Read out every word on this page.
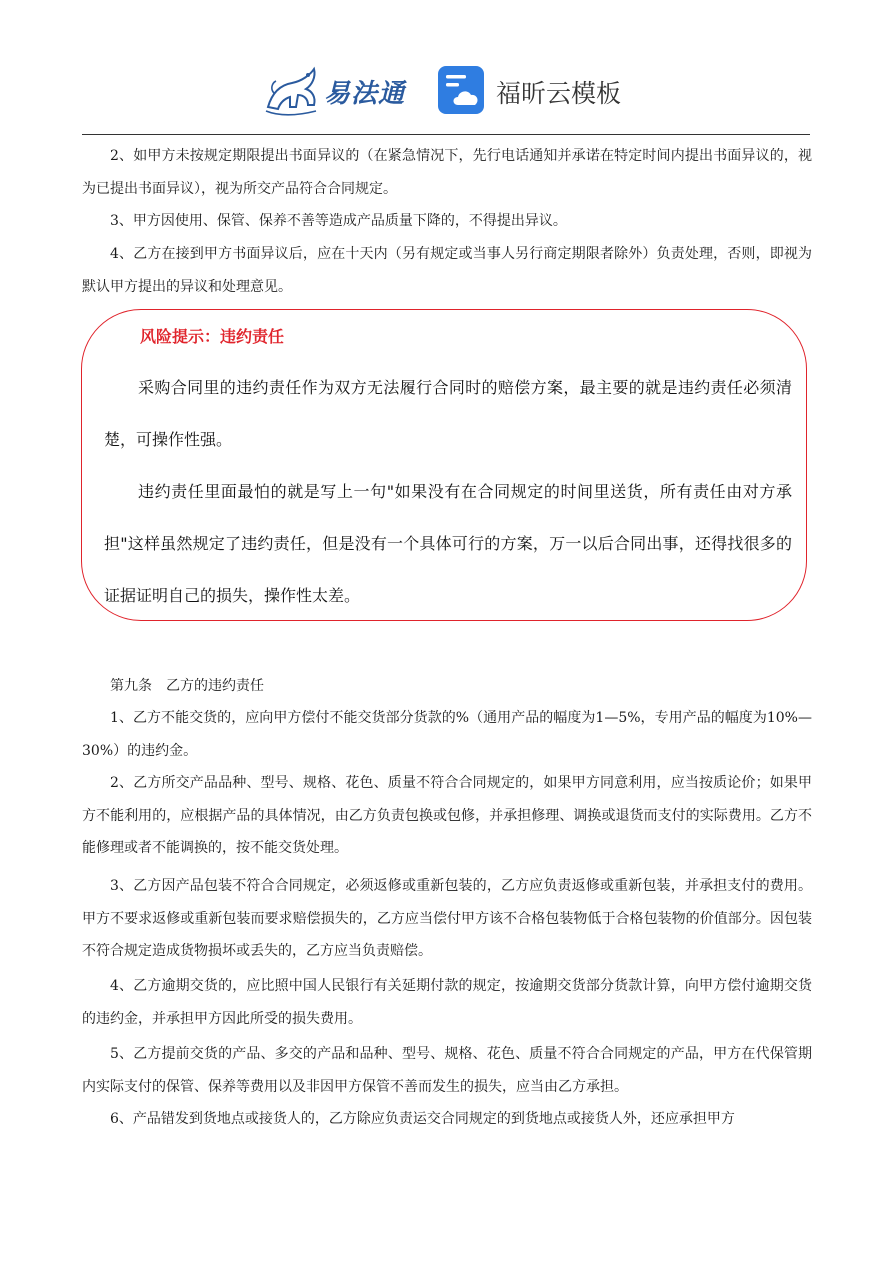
易法通	福昕云模板

2、如甲方未按规定期限提出书面异议的（在紧急情况下，先行电话通知并承诺在特定时间内提出书面异议的，视为已提出书面异议），视为所交产品符合合同规定。

3、甲方因使用、保管、保养不善等造成产品质量下降的，不得提出异议。

4、乙方在接到甲方书面异议后，应在十天内（另有规定或当事人另行商定期限者除外）负责处理，否则，即视为默认甲方提出的异议和处理意见。

风险提示：违约责任

采购合同里的违约责任作为双方无法履行合同时的赔偿方案，最主要的就是违约责任必须清楚，可操作性强。

违约责任里面最怕的就是写上一句"如果没有在合同规定的时间里送货，所有责任由对方承担"这样虽然规定了违约责任，但是没有一个具体可行的方案，万一以后合同出事，还得找很多的证据证明自己的损失，操作性太差。

第九条　乙方的违约责任

1、乙方不能交货的，应向甲方偿付不能交货部分货款的%（通用产品的幅度为1—5%，专用产品的幅度为10%—30%）的违约金。

2、乙方所交产品品种、型号、规格、花色、质量不符合合同规定的，如果甲方同意利用，应当按质论价；如果甲方不能利用的，应根据产品的具体情况，由乙方负责包换或包修，并承担修理、调换或退货而支付的实际费用。乙方不能修理或者不能调换的，按不能交货处理。

3、乙方因产品包装不符合合同规定，必须返修或重新包装的，乙方应负责返修或重新包装，并承担支付的费用。甲方不要求返修或重新包装而要求赔偿损失的，乙方应当偿付甲方该不合格包装物低于合格包装物的价值部分。因包装不符合规定造成货物损坏或丢失的，乙方应当负责赔偿。

4、乙方逾期交货的，应比照中国人民银行有关延期付款的规定，按逾期交货部分货款计算，向甲方偿付逾期交货的违约金，并承担甲方因此所受的损失费用。

5、乙方提前交货的产品、多交的产品和品种、型号、规格、花色、质量不符合合同规定的产品，甲方在代保管期内实际支付的保管、保养等费用以及非因甲方保管不善而发生的损失，应当由乙方承担。

6、产品错发到货地点或接货人的，乙方除应负责运交合同规定的到货地点或接货人外，还应承担甲方
